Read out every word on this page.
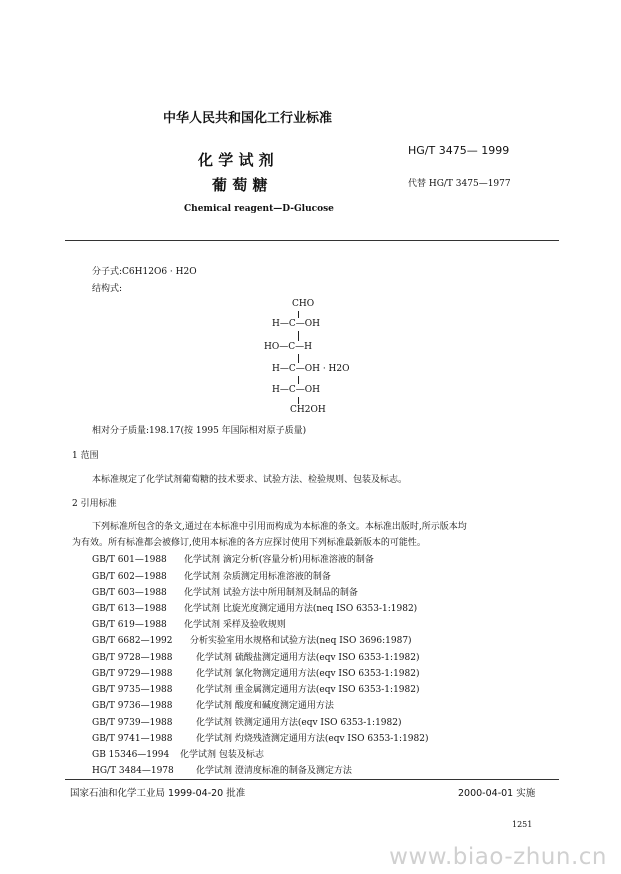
中华人民共和国化工行业标准
HG/T 3475— 1999
化 学 试 剂
葡 萄 糖	代替 HG/T 3475—1977
Chemical reagent—D-Glucose
分子式:C6H12O6 · H2O
结构式:
CHO
H—C—OH
HO—C—H
H—C—OH · H2O
H—C—OH
CH2OH
相对分子质量:198.17(按 1995 年国际相对原子质量)
1 范围
本标准规定了化学试剂葡萄糖的技术要求、试验方法、检验规则、包装及标志。
2 引用标准
下列标准所包含的条文,通过在本标准中引用而构成为本标准的条文。本标准出版时,所示版本均
为有效。所有标准都会被修订,使用本标准的各方应探讨使用下列标准最新版本的可能性。
GB/T 601—1988 化学试剂 滴定分析(容量分析)用标准溶液的制备
GB/T 602—1988 化学试剂 杂质测定用标准溶液的制备
GB/T 603—1988 化学试剂 试验方法中所用制剂及制品的制备
GB/T 613—1988 化学试剂 比旋光度测定通用方法(neq ISO 6353-1:1982)
GB/T 619—1988 化学试剂 采样及验收规则
GB/T 6682—1992 分析实验室用水规格和试验方法(neq ISO 3696:1987)
GB/T 9728—1988	化学试剂 硫酸盐测定通用方法(eqv ISO 6353-1:1982)
GB/T 9729—1988	化学试剂 氯化物测定通用方法(eqv ISO 6353-1:1982)
GB/T 9735—1988	化学试剂 重金属测定通用方法(eqv ISO 6353-1:1982)
GB/T 9736—1988	化学试剂 酸度和碱度测定通用方法
GB/T 9739—1988	化学试剂 铁测定通用方法(eqv ISO 6353-1:1982)
GB/T 9741—1988	化学试剂 灼烧残渣测定通用方法(eqv ISO 6353-1:1982)
GB 15346—1994 化学试剂 包装及标志
HG/T 3484—1978 化学试剂 澄清度标准的制备及测定方法
国家石油和化学工业局 1999-04-20 批准	2000-04-01 实施
1251
www.biao-zhun.cn
